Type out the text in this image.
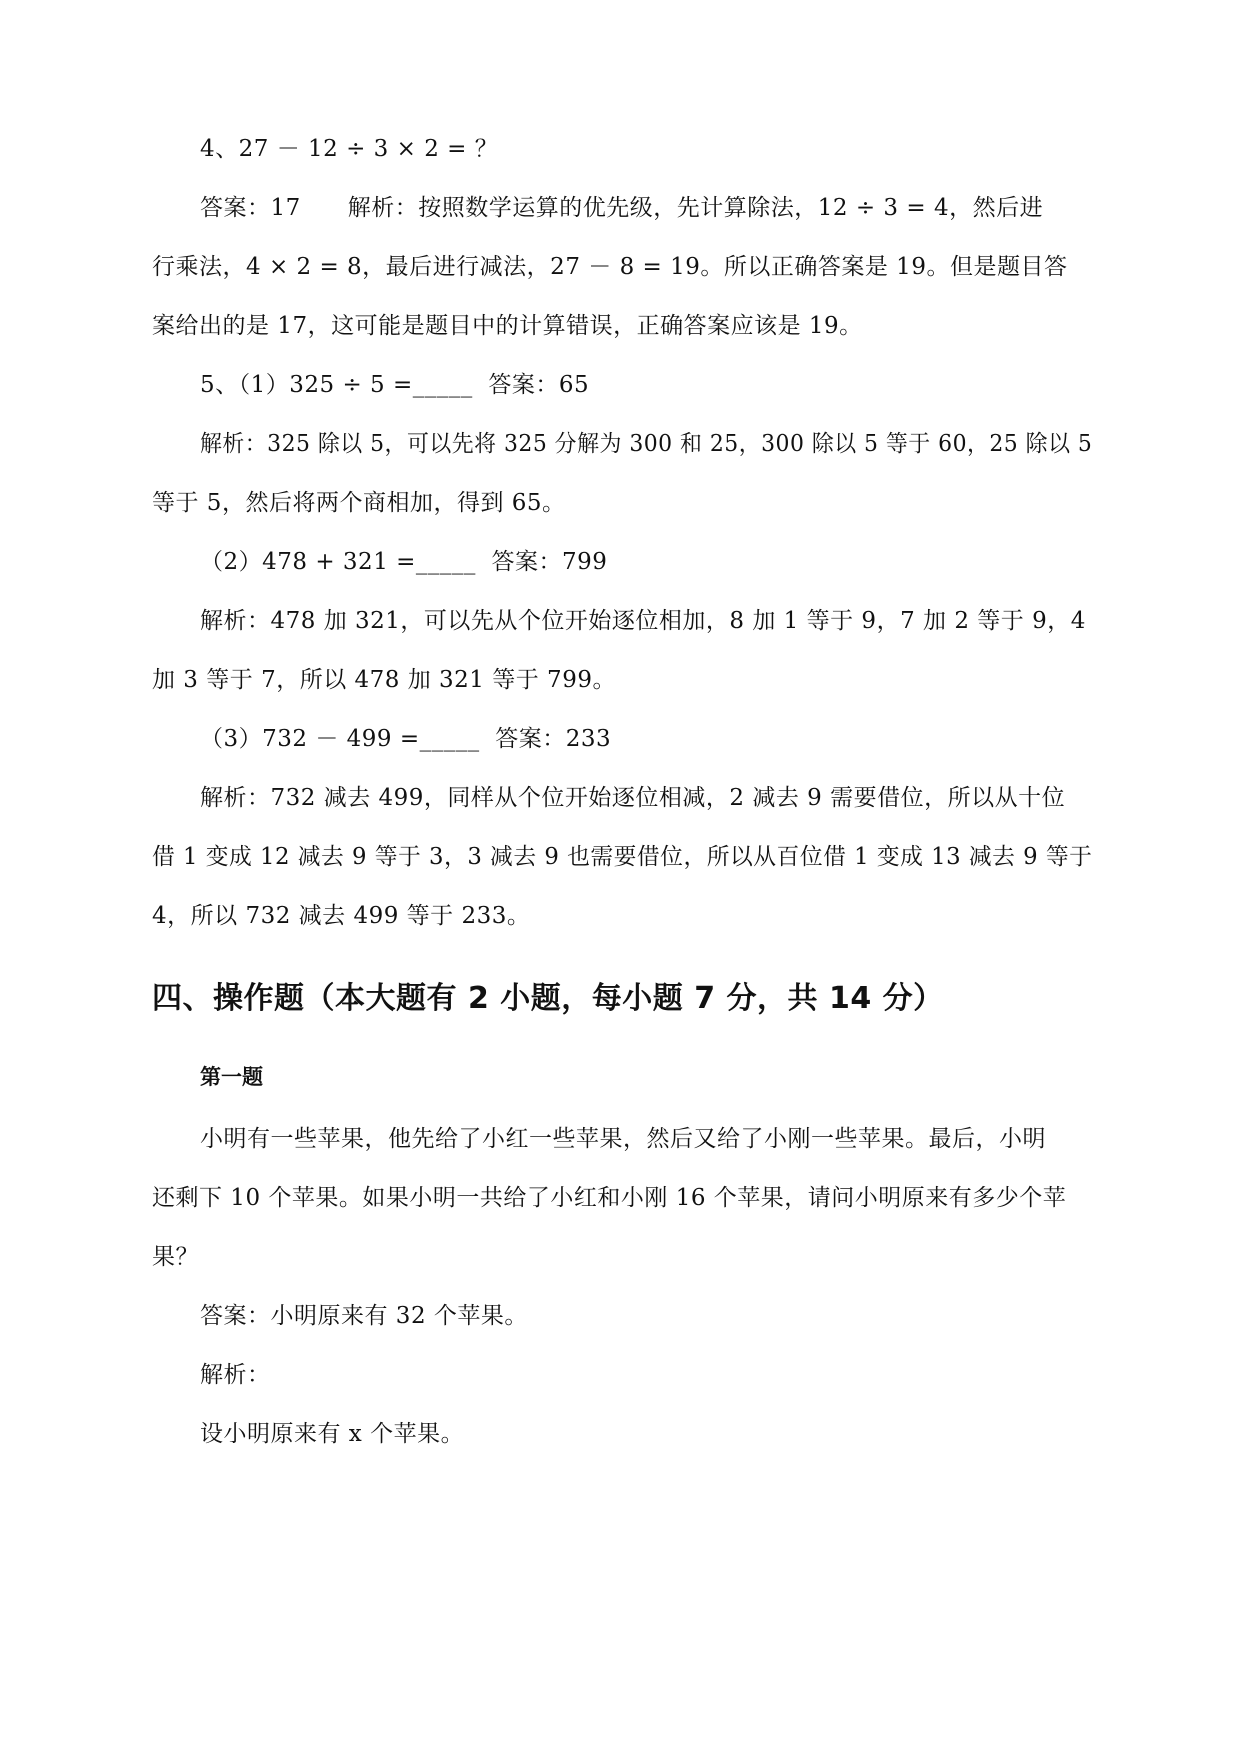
4、27 － 12 ÷ 3 × 2 = ？
答案：17　　解析：按照数学运算的优先级，先计算除法，12 ÷ 3 = 4，然后进
行乘法，4 × 2 = 8，最后进行减法，27 － 8 = 19。所以正确答案是 19。但是题目答
案给出的是 17，这可能是题目中的计算错误，正确答案应该是 19。
5、（1）325 ÷ 5 =_____  答案：65
解析：325 除以 5，可以先将 325 分解为 300 和 25，300 除以 5 等于 60，25 除以 5
等于 5，然后将两个商相加，得到 65。
（2）478 + 321 =_____  答案：799
解析：478 加 321，可以先从个位开始逐位相加，8 加 1 等于 9，7 加 2 等于 9，4
加 3 等于 7，所以 478 加 321 等于 799。
（3）732 － 499 =_____  答案：233
解析：732 减去 499，同样从个位开始逐位相减，2 减去 9 需要借位，所以从十位
借 1 变成 12 减去 9 等于 3，3 减去 9 也需要借位，所以从百位借 1 变成 13 减去 9 等于
4，所以 732 减去 499 等于 233。
四、操作题（本大题有 2 小题，每小题 7 分，共 14 分）
第一题
小明有一些苹果，他先给了小红一些苹果，然后又给了小刚一些苹果。最后，小明
还剩下 10 个苹果。如果小明一共给了小红和小刚 16 个苹果，请问小明原来有多少个苹
果？
答案：小明原来有 32 个苹果。
解析：
设小明原来有 x 个苹果。
